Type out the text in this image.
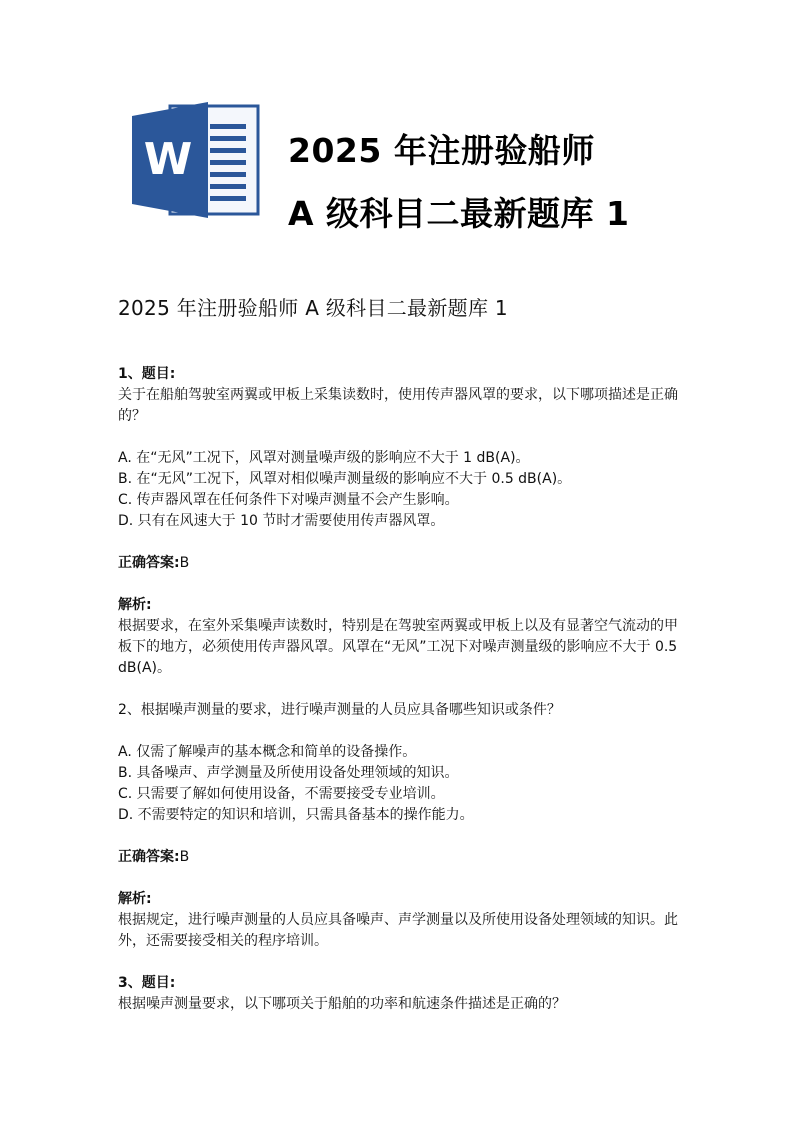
W	2025 年注册验船师
A 级科目二最新题库 1
2025 年注册验船师 A 级科目二最新题库 1

1、题目:

关于在船舶驾驶室两翼或甲板上采集读数时，使用传声器风罩的要求，以下哪项描述是正确的？

A. 在“无风”工况下，风罩对测量噪声级的影响应不大于 1 dB(A)。

B. 在“无风”工况下，风罩对相似噪声测量级的影响应不大于 0.5 dB(A)。

C. 传声器风罩在任何条件下对噪声测量不会产生影响。

D. 只有在风速大于 10 节时才需要使用传声器风罩。

正确答案:B

解析:

根据要求，在室外采集噪声读数时，特别是在驾驶室两翼或甲板上以及有显著空气流动的甲板下的地方，必须使用传声器风罩。风罩在“无风”工况下对噪声测量级的影响应不大于 0.5 dB(A)。

2、根据噪声测量的要求，进行噪声测量的人员应具备哪些知识或条件？

A. 仅需了解噪声的基本概念和简单的设备操作。

B. 具备噪声、声学测量及所使用设备处理领域的知识。

C. 只需要了解如何使用设备，不需要接受专业培训。

D. 不需要特定的知识和培训，只需具备基本的操作能力。

正确答案:B

解析:

根据规定，进行噪声测量的人员应具备噪声、声学测量以及所使用设备处理领域的知识。此外，还需要接受相关的程序培训。

3、题目:

根据噪声测量要求，以下哪项关于船舶的功率和航速条件描述是正确的？
